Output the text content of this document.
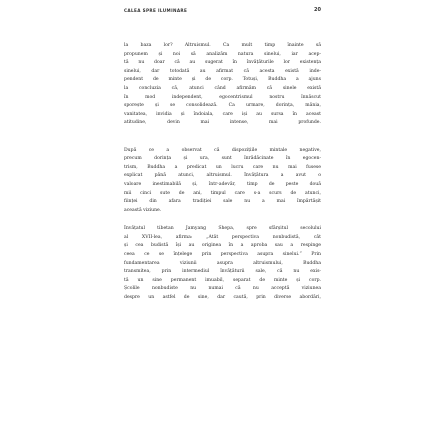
CALEA SPRE ILUMINARE	20
la baza lor? Altruismul. Ca mult timp înainte să
propunem și noi să analizăm natura sinelui, iar acep-
tă nu doar că au sugerat în învățăturile lor existența
sinelui, dar totodată au afirmat că acesta există inde-
pendent de minte și de corp. Totuși, Buddha a ajuns
la concluzia că, atunci când afirmăm că sinele există
în mod independent, egocentrismul nostru înnăscut
sporește și se consolidează. Ca urmare, dorința, mânia,
vanitatea, invidia și îndoiala, care iși au sursa în aceast
atitudine, devin mai intense, mai profunde.
După ce a observat că dispozițiile mintale negative,
precum dorința și ura, sunt înrădăcinate în egocen-
trism, Buddha a predicat un lucru care nu mai fusese
explicat până atunci, altruismul. Învățătura a avut o
valoare inestimabilă și, într-adevăr, timp de peste două
mii cinci sute de ani, timpul care s-a scurs de atunci,
ființei din afara tradiției sale nu a mai împărtășit
această viziune.
Învățatul tibetan Jamyang Shepa, spre sfârșitul secolului
al XVII-lea, afirma: „Atât perspectiva nonbudistă, cât
și cea budistă își au originea în a aproba sau a respinge
ceea ce se înțelege prin perspectiva asupra sinelui.” Prin
fundamentarea viziunii asupra altruismului, Buddha
transmitea, prin intermediul învățăturii sale, că nu exis-
tă un sine permanent imuabil, separat de minte și corp.
Școlile nonbudiste nu numai că nu acceptă viziunea
despre un astfel de sine, dar caută, prin diverse abordări,
